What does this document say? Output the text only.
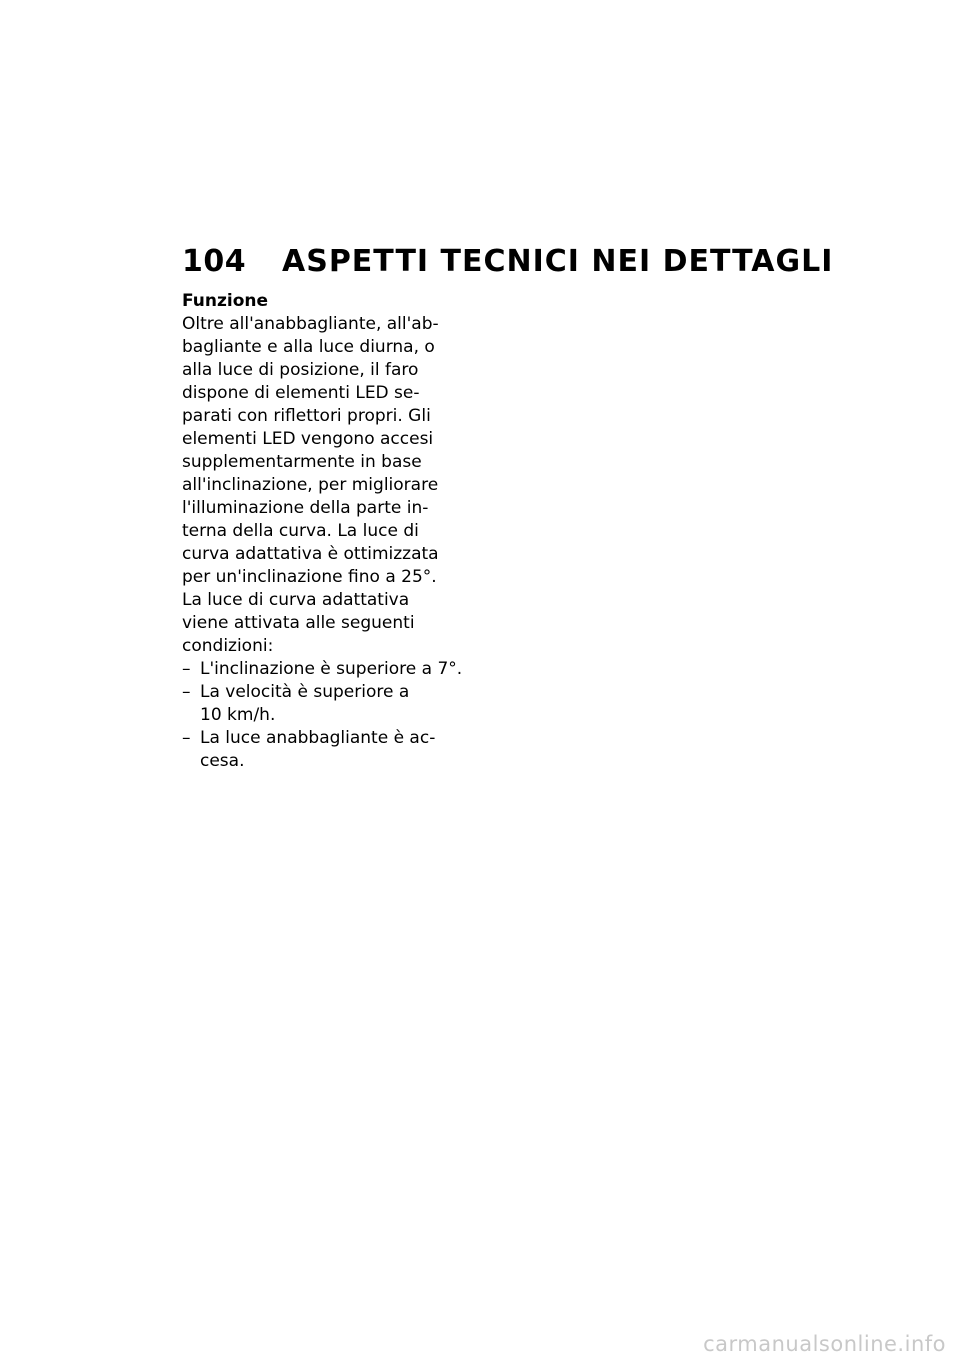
104	ASPETTI TECNICI NEI DETTAGLI
Funzione
Oltre all'anabbagliante, all'ab-
bagliante e alla luce diurna, o
alla luce di posizione, il faro
dispone di elementi LED se-
parati con riflettori propri. Gli
elementi LED vengono accesi
supplementarmente in base
all'inclinazione, per migliorare
l'illuminazione della parte in-
terna della curva. La luce di
curva adattativa è ottimizzata
per un'inclinazione fino a 25°.
La luce di curva adattativa
viene attivata alle seguenti
condizioni:
– L'inclinazione è superiore a 7°.
– La velocità è superiore a
10 km/h.
– La luce anabbagliante è ac-
cesa.
carmanualsonline.info
